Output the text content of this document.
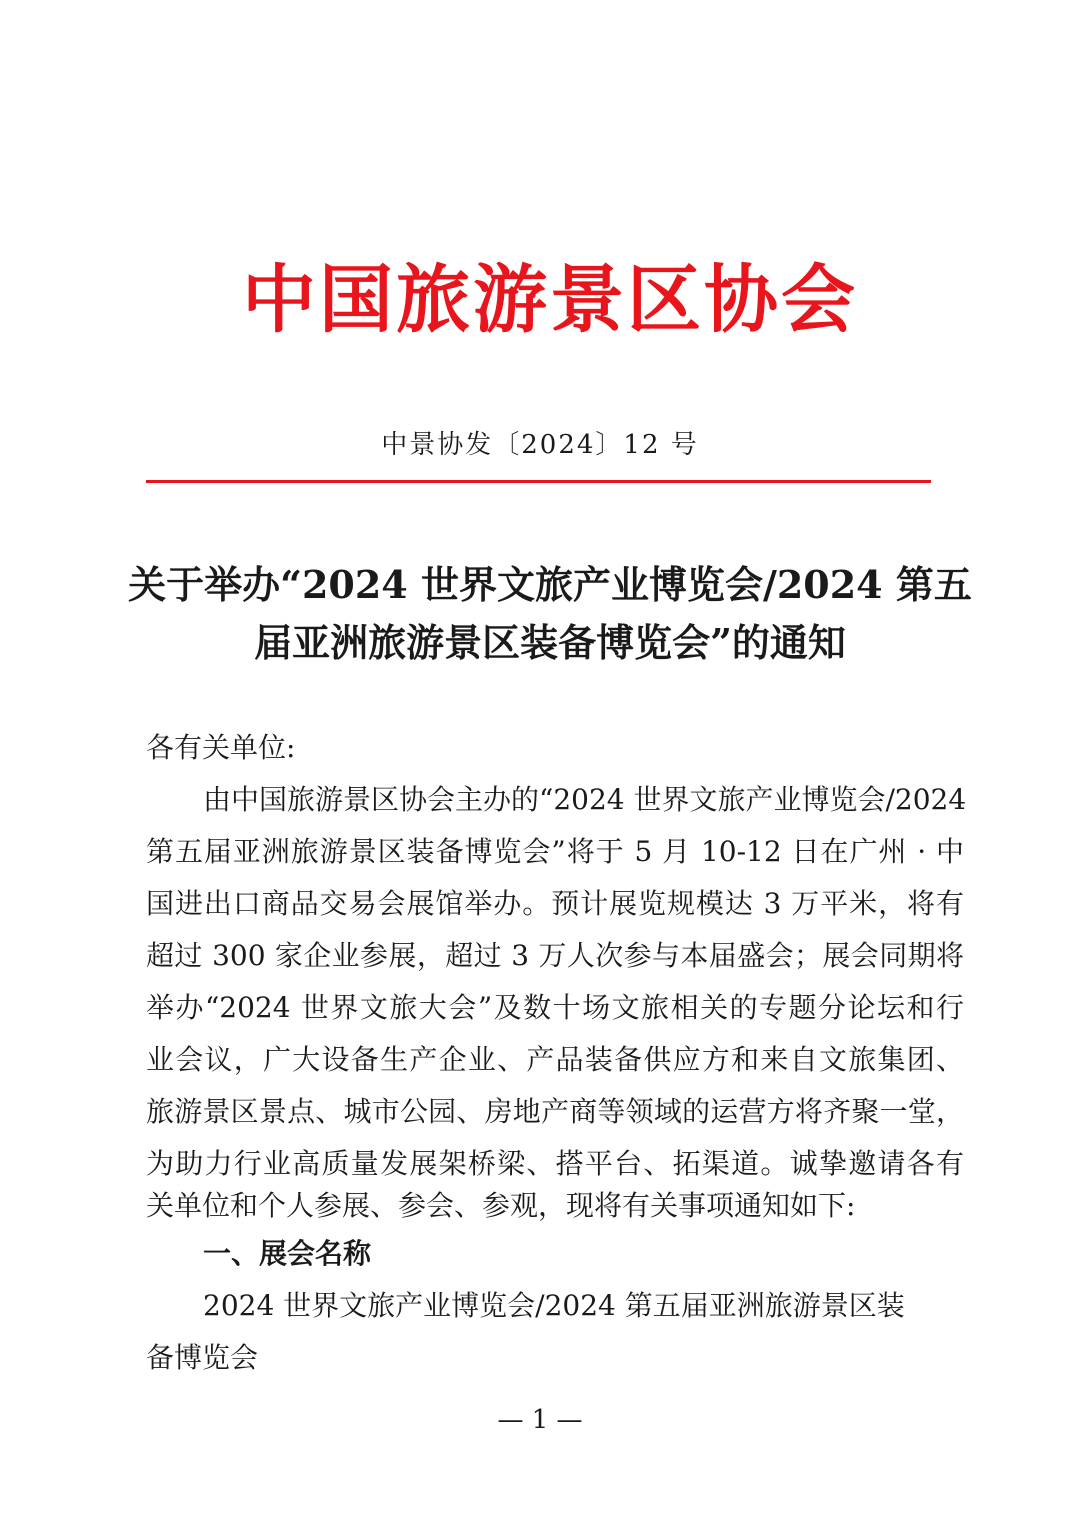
中国旅游景区协会
中景协发〔2024〕12 号
关于举办“2024 世界文旅产业博览会/2024 第五
届亚洲旅游景区装备博览会”的通知
各有关单位:
由中国旅游景区协会主办的“2024 世界文旅产业博览会/2024
第五届亚洲旅游景区装备博览会”将于 5 月 10-12 日在广州 · 中
国进出口商品交易会展馆举办。预计展览规模达 3 万平米，将有
超过 300 家企业参展，超过 3 万人次参与本届盛会；展会同期将
举办“2024 世界文旅大会”及数十场文旅相关的专题分论坛和行
业会议，广大设备生产企业、产品装备供应方和来自文旅集团、
旅游景区景点、城市公园、房地产商等领域的运营方将齐聚一堂，
为助力行业高质量发展架桥梁、搭平台、拓渠道。诚挚邀请各有
关单位和个人参展、参会、参观，现将有关事项通知如下:
一、展会名称
2024 世界文旅产业博览会/2024 第五届亚洲旅游景区装
备博览会
— 1 —
